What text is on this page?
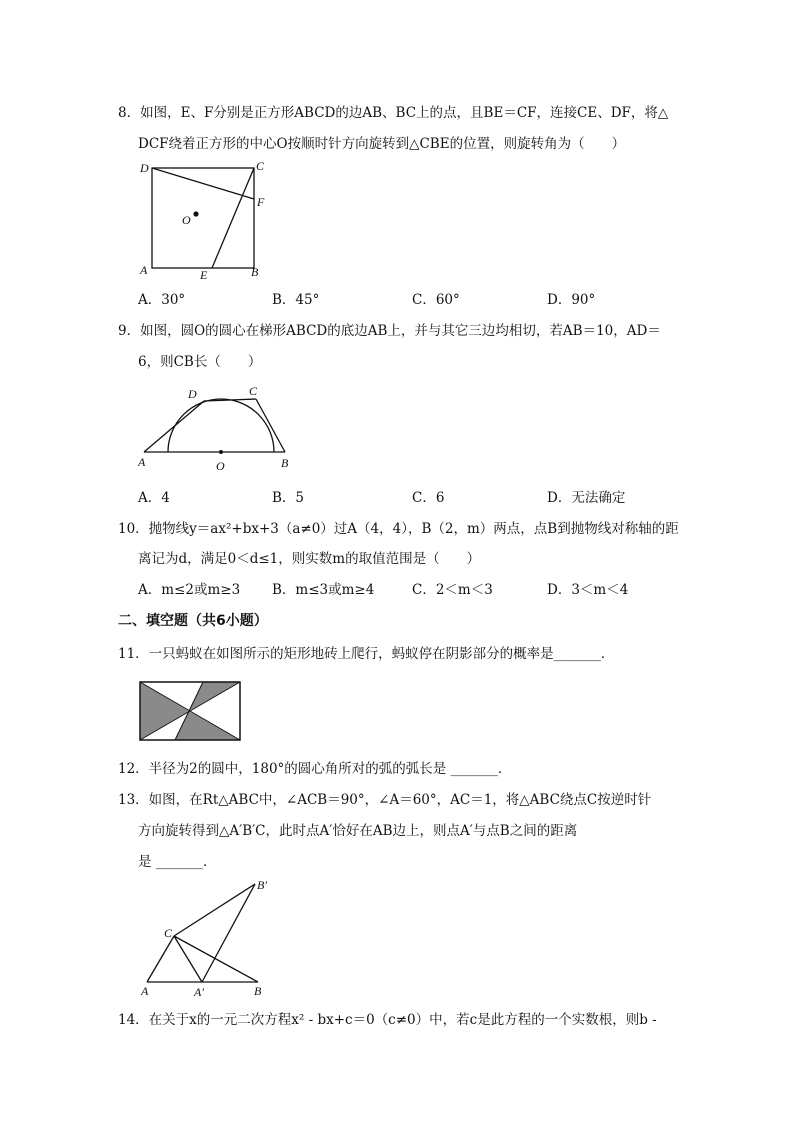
8．如图，E、F分别是正方形ABCD的边AB、BC上的点，且BE＝CF，连接CE、DF，将△
DCF绕着正方形的中心O按顺时针方向旋转到△CBE的位置，则旋转角为（　　）
D	C
F
O
A	E	B
A．30°	B．45°	C．60°	D．90°
9．如图，圆O的圆心在梯形ABCD的底边AB上，并与其它三边均相切，若AB＝10，AD＝
6，则CB长（　　）
D	C
A	O	B
A．4	B．5	C．6	D．无法确定
10．抛物线y＝ax²+bx+3（a≠0）过A（4，4），B（2，m）两点，点B到抛物线对称轴的距
离记为d，满足0＜d≤1，则实数m的取值范围是（　　）
A．m≤2或m≥3 B．m≤3或m≥4	C．2＜m＜3	D．3＜m＜4
二、填空题（共6小题）
11．一只蚂蚁在如图所示的矩形地砖上爬行，蚂蚁停在阴影部分的概率是_______．
12．半径为2的圆中，180°的圆心角所对的弧的弧长是 _______．
13．如图，在Rt△ABC中，∠ACB＝90°，∠A＝60°，AC＝1，将△ABC绕点C按逆时针
方向旋转得到△A′B′C，此时点A′恰好在AB边上，则点A′与点B之间的距离
是 _______．
B′
C
A	A′	B
14．在关于x的一元二次方程x² - bx+c＝0（c≠0）中，若c是此方程的一个实数根，则b -
